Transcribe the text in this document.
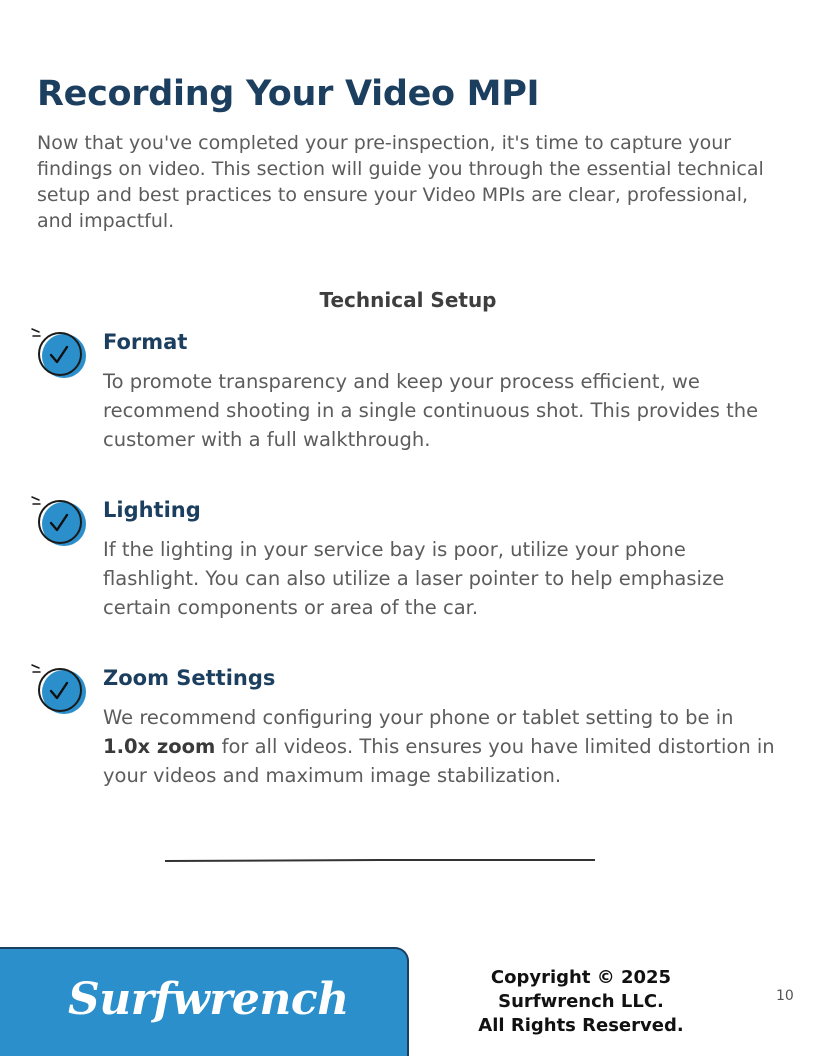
Recording Your Video MPI

Now that you've completed your pre-inspection, it's time to capture your findings on video. This section will guide you through the essential technical setup and best practices to ensure your Video MPIs are clear, professional, and impactful.

Technical Setup
Format
To promote transparency and keep your process efficient, we recommend shooting in a single continuous shot. This provides the customer with a full walkthrough.
Lighting
If the lighting in your service bay is poor, utilize your phone flashlight. You can also utilize a laser pointer to help emphasize certain components or area of the car.
Zoom Settings
We recommend configuring your phone or tablet setting to be in 1.0x zoom for all videos. This ensures you have limited distortion in your videos and maximum image stabilization.
Surfwrench	Copyright © 2025
Surfwrench LLC.
All Rights Reserved.
10
